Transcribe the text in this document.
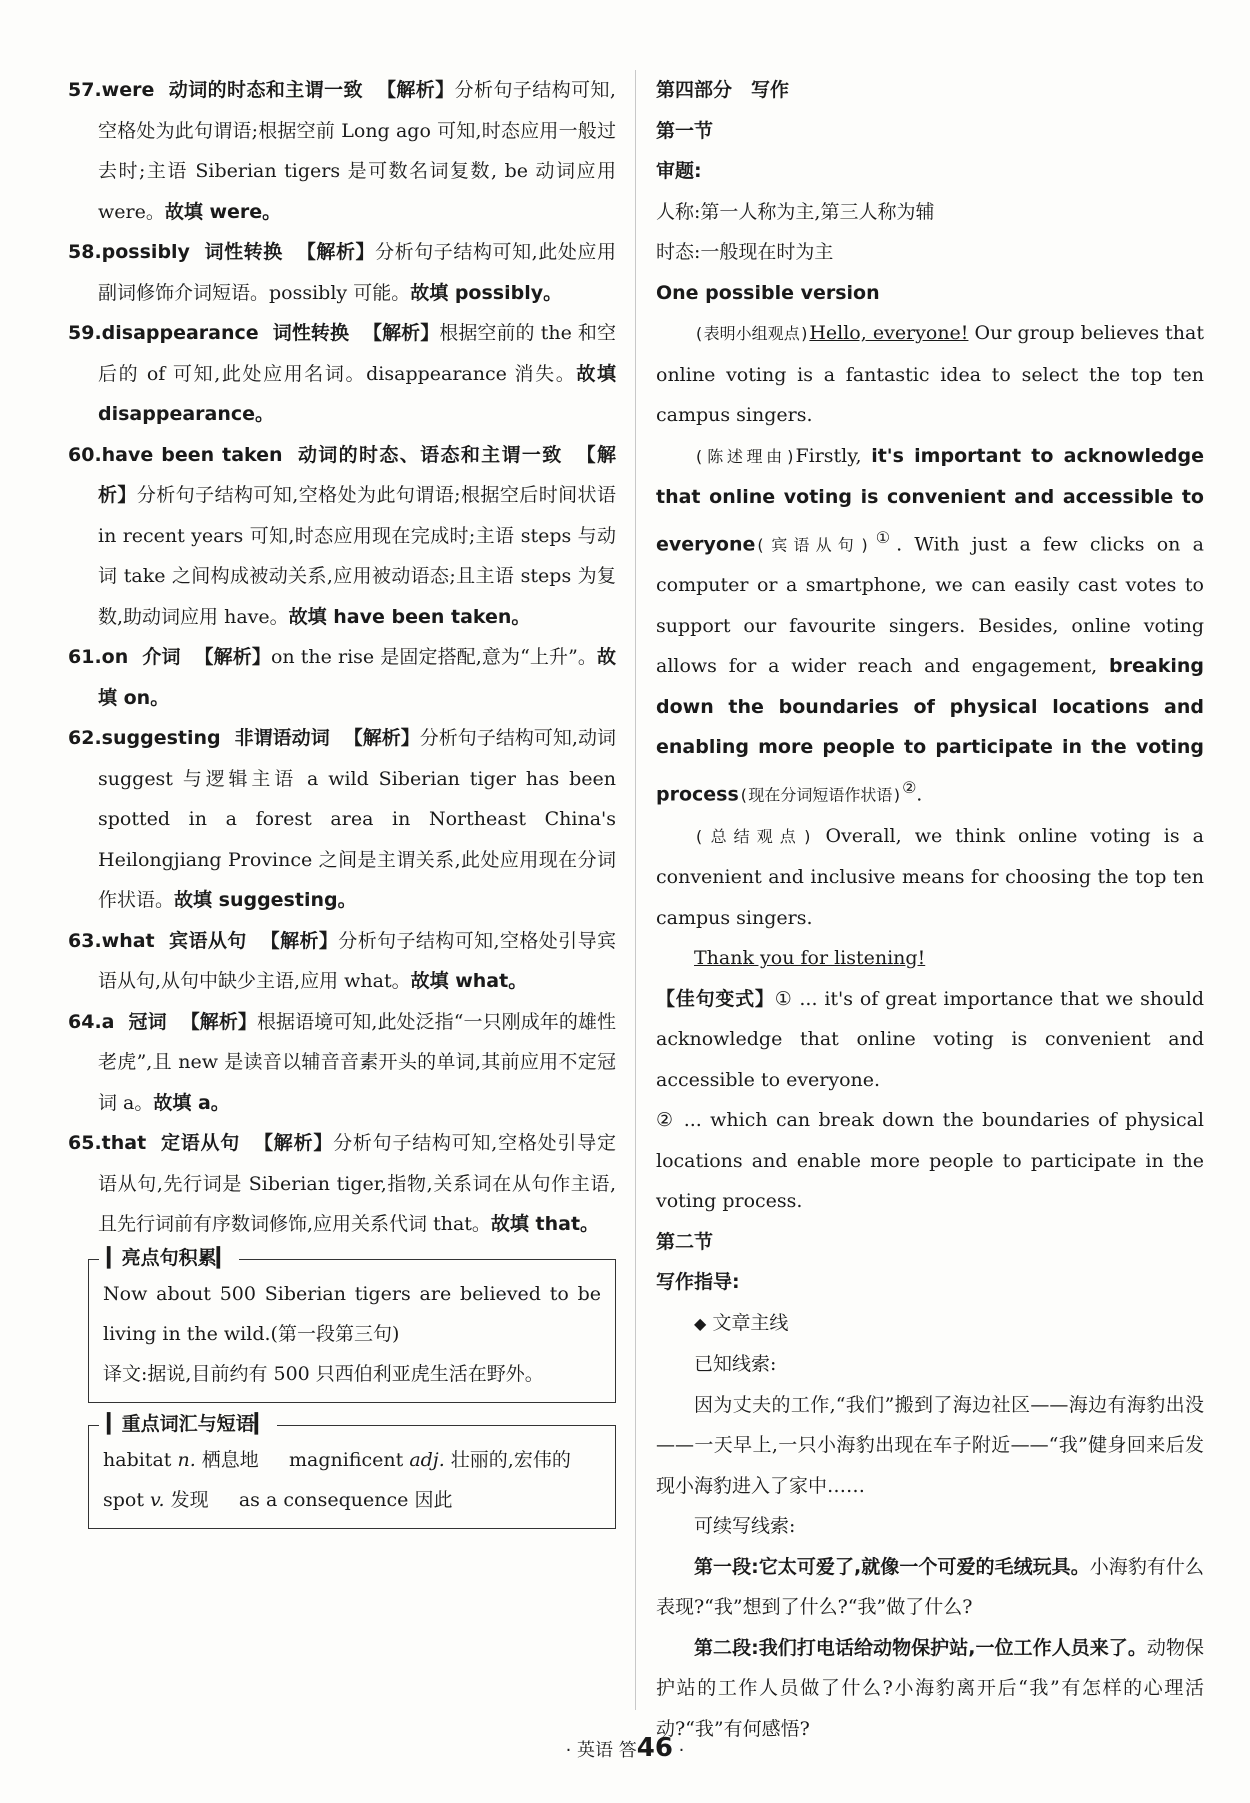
57.were 动词的时态和主谓一致 【解析】分析句子结构可知,空格处为此句谓语;根据空前 Long ago 可知,时态应用一般过去时;主语 Siberian tigers 是可数名词复数, be 动词应用 were。故填 were。
58.possibly 词性转换 【解析】分析句子结构可知,此处应用副词修饰介词短语。possibly 可能。故填 possibly。
59.disappearance 词性转换 【解析】根据空前的 the 和空后的 of 可知,此处应用名词。disappearance 消失。故填 disappearance。
60.have been taken 动词的时态、语态和主谓一致 【解析】分析句子结构可知,空格处为此句谓语;根据空后时间状语 in recent years 可知,时态应用现在完成时;主语 steps 与动词 take 之间构成被动关系,应用被动语态;且主语 steps 为复数,助动词应用 have。故填 have been taken。
61.on 介词 【解析】on the rise 是固定搭配,意为“上升”。故填 on。
62.suggesting 非谓语动词 【解析】分析句子结构可知,动词 suggest 与逻辑主语 a wild Siberian tiger has been spotted in a forest area in Northeast China's Heilongjiang Province 之间是主谓关系,此处应用现在分词作状语。故填 suggesting。
63.what 宾语从句 【解析】分析句子结构可知,空格处引导宾语从句,从句中缺少主语,应用 what。故填 what。
64.a 冠词 【解析】根据语境可知,此处泛指“一只刚成年的雄性老虎”,且 new 是读音以辅音音素开头的单词,其前应用不定冠词 a。故填 a。
65.that 定语从句 【解析】分析句子结构可知,空格处引导定语从句,先行词是 Siberian tiger,指物,关系词在从句作主语,且先行词前有序数词修饰,应用关系代词 that。故填 that。
▎亮点句积累▎
Now about 500 Siberian tigers are believed to be living in the wild.(第一段第三句)
译文:据说,目前约有 500 只西伯利亚虎生活在野外。
▎重点词汇与短语▎
habitat n. 栖息地 magnificent adj. 壮丽的,宏伟的
spot v. 发现 as a consequence 因此
第四部分　写作
第一节
审题:
人称:第一人称为主,第三人称为辅
时态:一般现在时为主
One possible version
(表明小组观点)Hello, everyone! Our group believes that online voting is a fantastic idea to select the top ten campus singers.
(陈述理由)Firstly, it's important to acknowledge that online voting is convenient and accessible to everyone(宾语从句)①. With just a few clicks on a computer or a smartphone, we can easily cast votes to support our favourite singers. Besides, online voting allows for a wider reach and engagement, breaking down the boundaries of physical locations and enabling more people to participate in the voting process(现在分词短语作状语)②.
(总结观点) Overall, we think online voting is a convenient and inclusive means for choosing the top ten campus singers.
Thank you for listening!
【佳句变式】① ... it's of great importance that we should acknowledge that online voting is convenient and accessible to everyone.
② ... which can break down the boundaries of physical locations and enable more people to participate in the voting process.
第二节
写作指导:
◆ 文章主线
已知线索:
因为丈夫的工作,“我们”搬到了海边社区——海边有海豹出没——一天早上,一只小海豹出现在车子附近——“我”健身回来后发现小海豹进入了家中……
可续写线索:
第一段:它太可爱了,就像一个可爱的毛绒玩具。小海豹有什么表现?“我”想到了什么?“我”做了什么?
第二段:我们打电话给动物保护站,一位工作人员来了。动物保护站的工作人员做了什么?小海豹离开后“我”有怎样的心理活动?“我”有何感悟?
· 英语 答46 ·
